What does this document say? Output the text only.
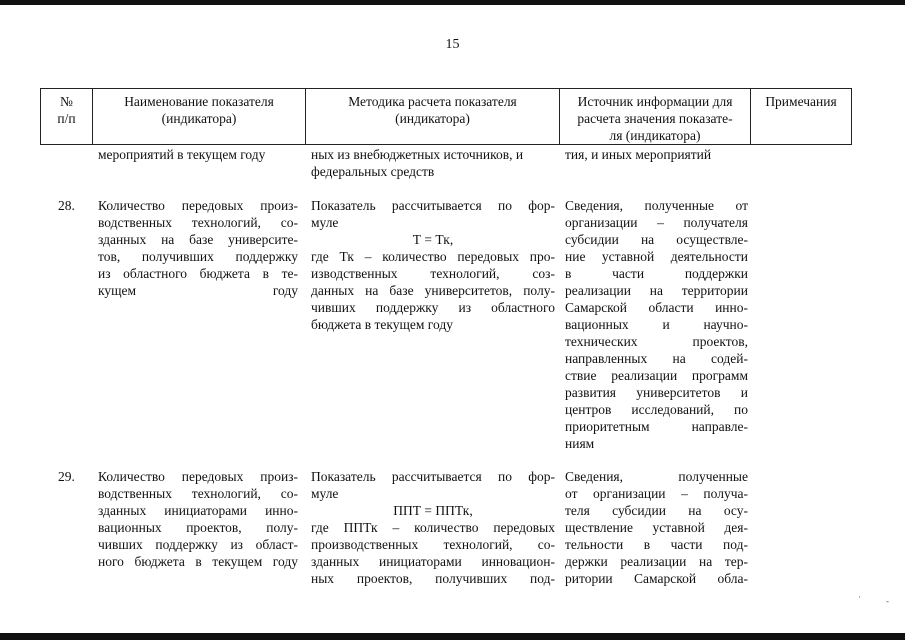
15
№
п/п
Наименование показателя
(индикатора)
Методика расчета показателя
(индикатора)
Источник информации для
расчета значения показате-
ля (индикатора)
Примечания
мероприятий в текущем году	ных из внебюджетных источников, и
федеральных средств
тия, и иных мероприятий
28. Количество передовых произ-
водственных технологий, со-
зданных на базе университе-
тов, получивших поддержку
из областного бюджета в те-
кущем году
Показатель рассчитывается по фор-
муле
Т = Тк,
где Тк – количество передовых про-
изводственных технологий, соз-
данных на базе университетов, полу-
чивших поддержку из областного
бюджета в текущем году
Сведения, полученные от
организации – получателя
субсидии на осуществле-
ние уставной деятельности
в части поддержки
реализации на территории
Самарской области инно-
вационных и научно-
технических проектов,
направленных на содей-
ствие реализации программ
развития университетов и
центров исследований, по
приоритетным направле-
ниям
29. Количество передовых произ-
водственных технологий, со-
зданных инициаторами инно-
вационных проектов, полу-
чивших поддержку из област-
ного бюджета в текущем году
Показатель рассчитывается по фор-
муле
ППТ = ППТк,
где ППТк – количество передовых
производственных технологий, со-
зданных инициаторами инновацион-
ных проектов, получивших под-
Сведения, полученные
от организации – получа-
теля субсидии на осу-
ществление уставной дея-
тельности в части под-
держки реализации на тер-
ритории Самарской обла-
·	-
